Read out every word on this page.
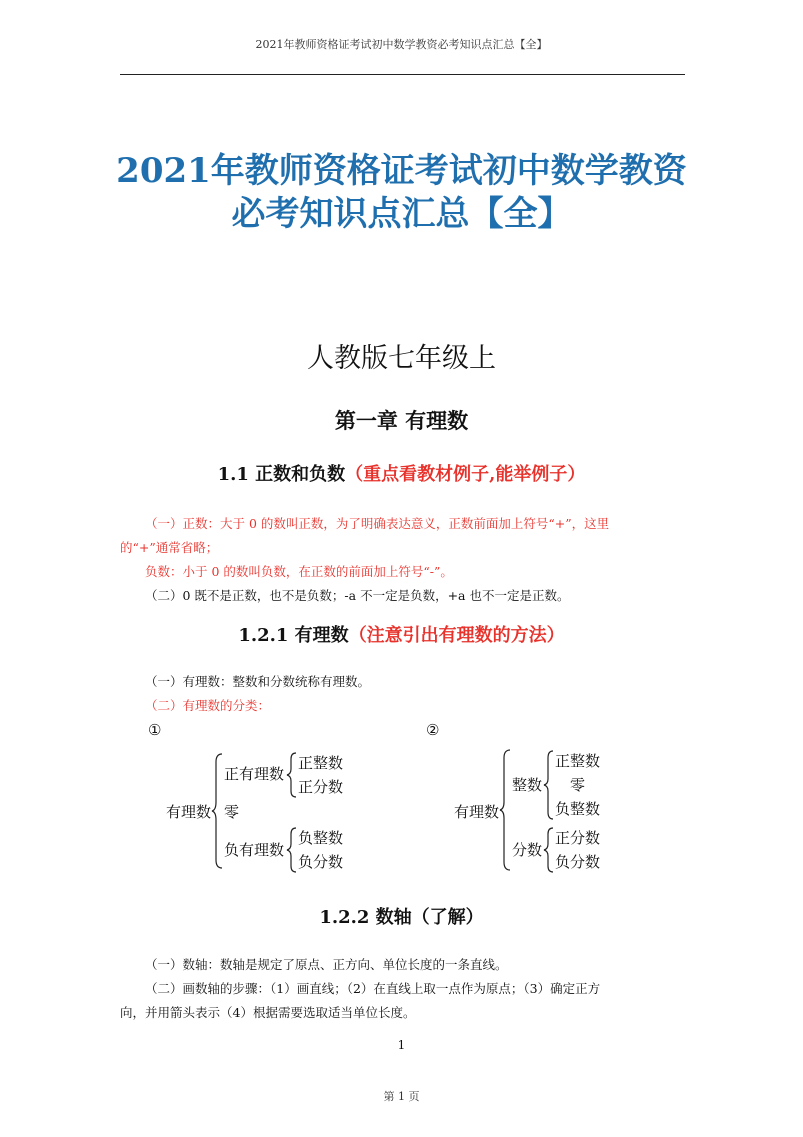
2021年教师资格证考试初中数学教资必考知识点汇总【全】
2021年教师资格证考试初中数学教资
必考知识点汇总【全】
人教版七年级上
第一章 有理数
1.1 正数和负数（重点看教材例子,能举例子）
（一）正数：大于 0 的数叫正数，为了明确表达意义，正数前面加上符号“+”，这里
的“+”通常省略；
负数：小于 0 的数叫负数，在正数的前面加上符号“-”。
（二）0 既不是正数，也不是负数；-a 不一定是负数，+a 也不一定是正数。
1.2.1 有理数（注意引出有理数的方法）
（一）有理数：整数和分数统称有理数。
（二）有理数的分类：
①
有理数
正有理数
零
负有理数
正整数
正分数
负整数
负分数
②
有理数
整数
分数
正整数
零
负整数
正分数
负分数
1.2.2 数轴（了解）
（一）数轴：数轴是规定了原点、正方向、单位长度的一条直线。
（二）画数轴的步骤：（1）画直线；（2）在直线上取一点作为原点；（3）确定正方
向，并用箭头表示（4）根据需要选取适当单位长度。
1
第 1 页
